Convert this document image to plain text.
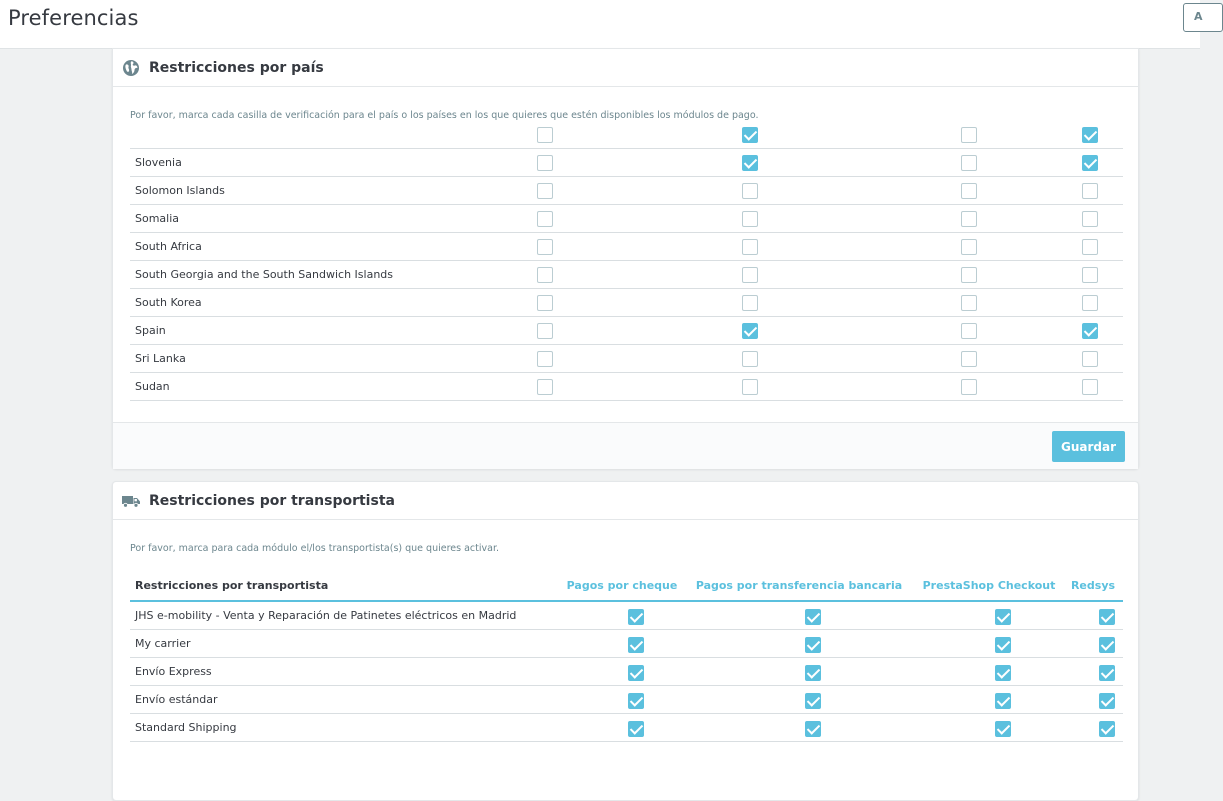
Preferencias	A
Restricciones por país
Por favor, marca cada casilla de verificación para el país o los países en los que quieres que estén disponibles los módulos de pago.
Slovenia
Solomon Islands
Somalia
South Africa
South Georgia and the South Sandwich Islands
South Korea
Spain
Sri Lanka
Sudan
Guardar
Restricciones por transportista
Por favor, marca para cada módulo el/los transportista(s) que quieres activar.
Restricciones por transportista	Pagos por cheque Pagos por transferencia bancaria PrestaShop Checkout Redsys
JHS e-mobility - Venta y Reparación de Patinetes eléctricos en Madrid
My carrier
Envío Express
Envío estándar
Standard Shipping
